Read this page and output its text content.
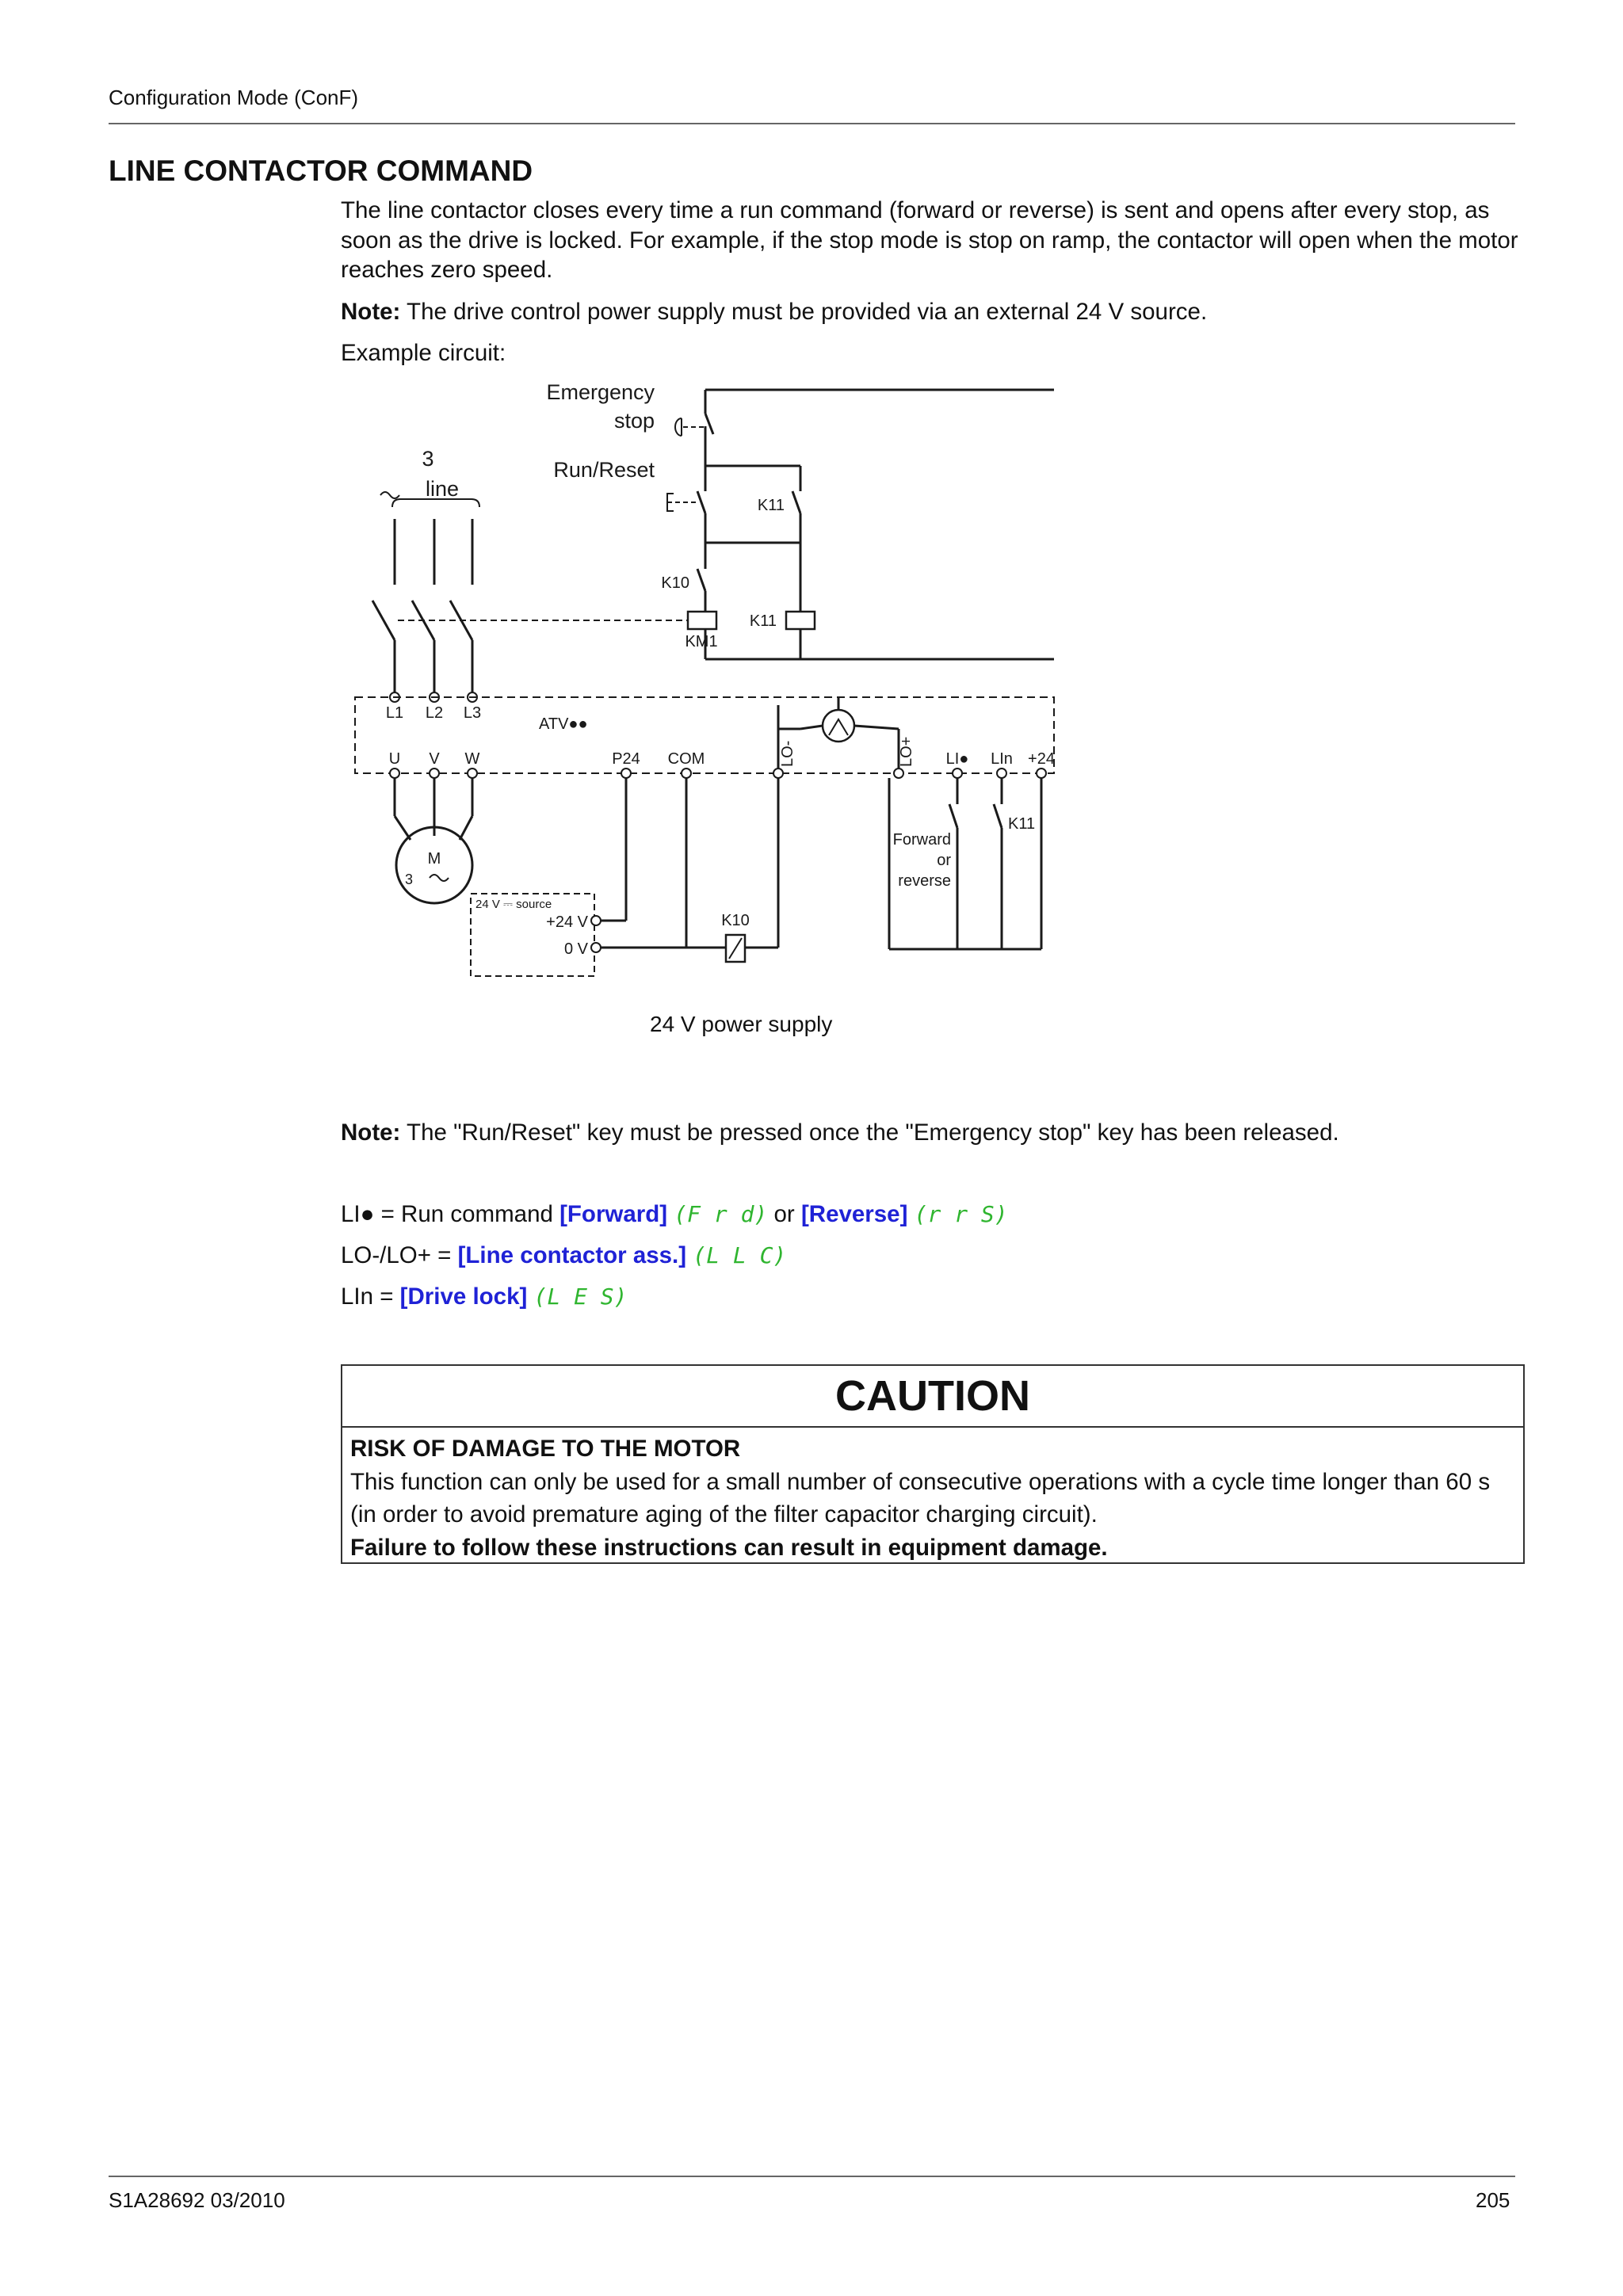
Configuration Mode (ConF)
LINE CONTACTOR COMMAND

The line contactor closes every time a run command (forward or reverse) is sent and opens after every stop, as soon as the drive is locked. For example, if the stop mode is stop on ramp, the contactor will open when the motor reaches zero speed.

Note: The drive control power supply must be provided via an external 24 V source.

Example circuit:

Emergency
stop
3
line
Run/Reset
K11
K10
KM1
K11
L1 L2 L3
ATV●●
U V W	P24 COM	LO-	LO+ LI● LIn +24
Forward
or
reverse
K11
M
3
24 V ⎓ source
+24 V
0 V
K10
24 V power supply

Note: The "Run/Reset" key must be pressed once the "Emergency stop" key has been released.

LI● = Run command [Forward] (F r d) or [Reverse] (r r S)
LO-/LO+ = [Line contactor ass.] (L L C)
LIn = [Drive lock] (L E S)
CAUTION
RISK OF DAMAGE TO THE MOTOR
This function can only be used for a small number of consecutive operations with a cycle time longer than 60 s (in order to avoid premature aging of the filter capacitor charging circuit).
Failure to follow these instructions can result in equipment damage.
S1A28692 03/2010	205
